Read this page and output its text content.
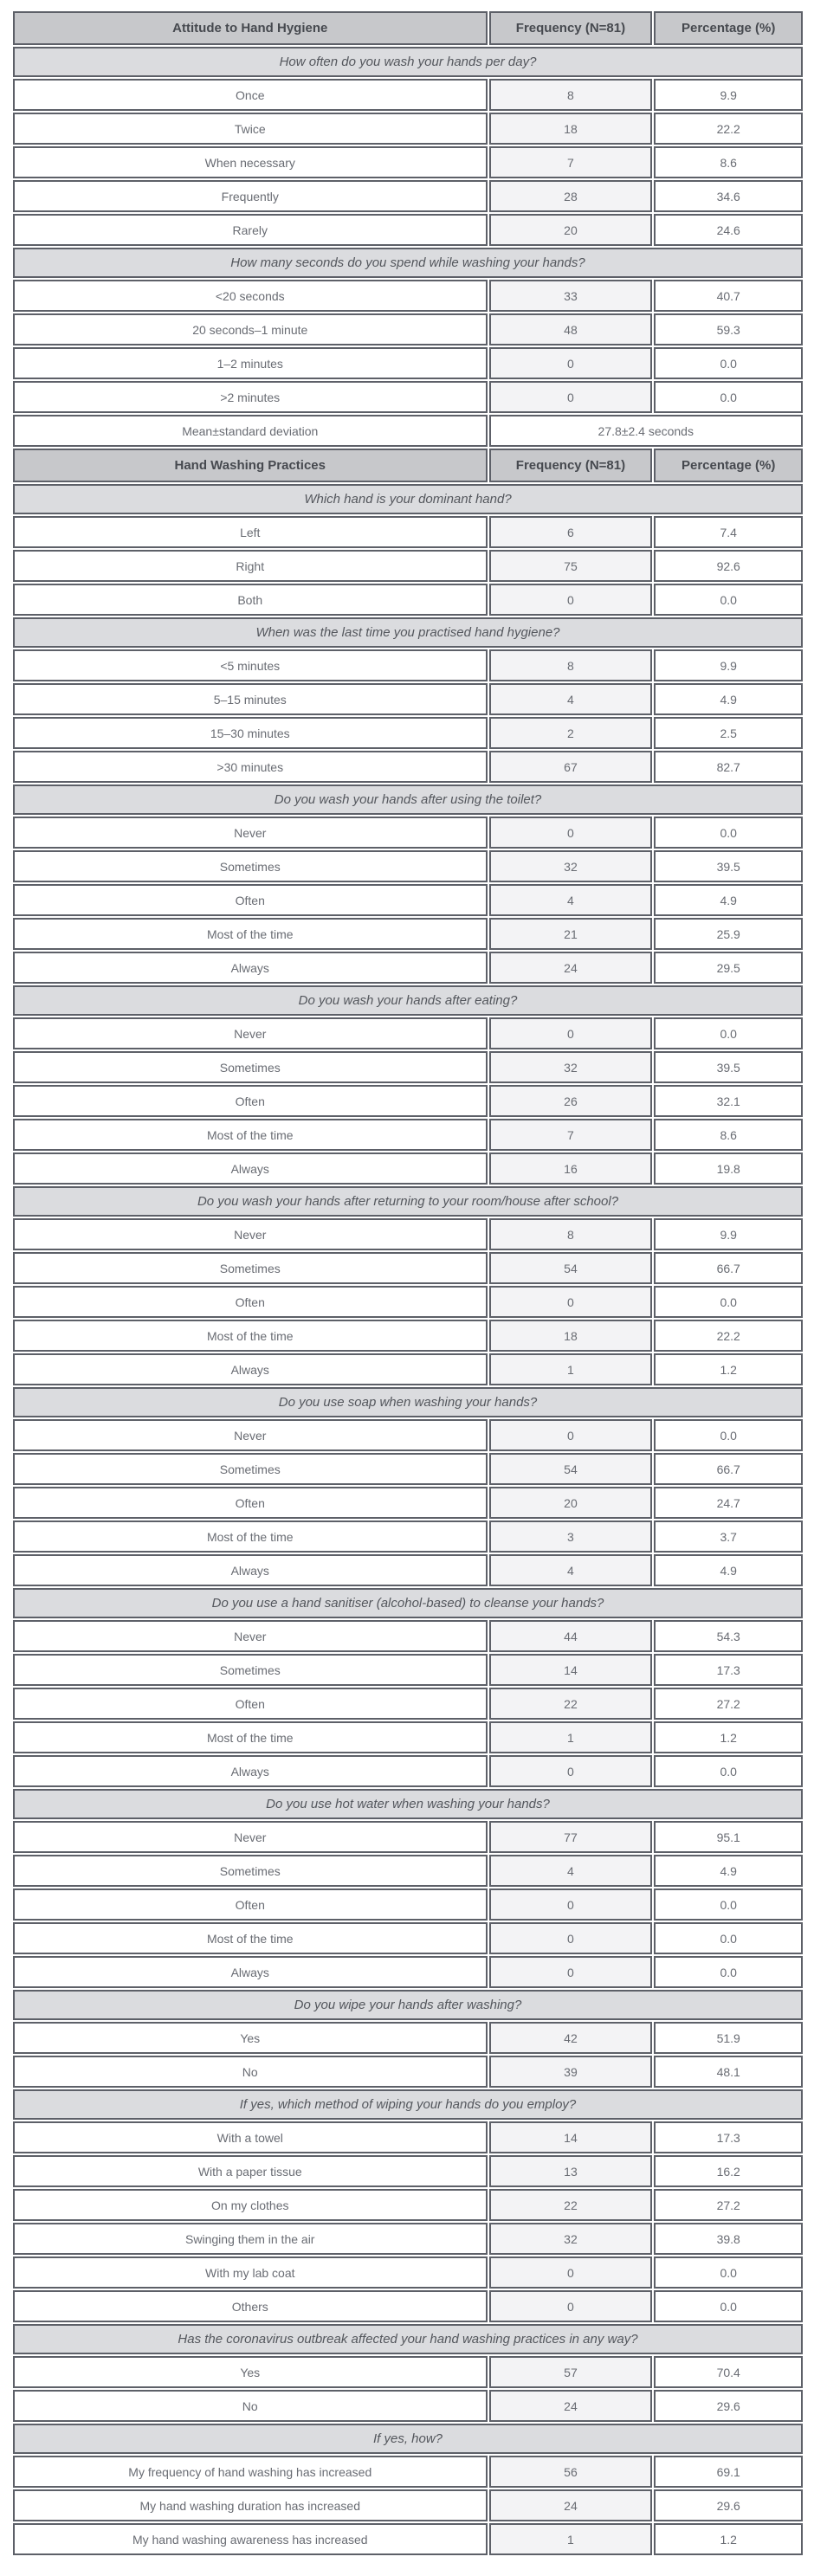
Attitude to Hand Hygiene	Frequency (N=81)	Percentage (%)
How often do you wash your hands per day?		
Once	8	9.9
Twice	18	22.2
When necessary	7	8.6
Frequently	28	34.6
Rarely	20	24.6
How many seconds do you spend while washing your hands?		
<20 seconds	33	40.7
20 seconds–1 minute	48	59.3
1–2 minutes	0	0.0
>2 minutes	0	0.0
Mean±standard deviation	27.8±2.4 seconds	
Hand Washing Practices	Frequency (N=81)	Percentage (%)
Which hand is your dominant hand?		
Left	6	7.4
Right	75	92.6
Both	0	0.0
When was the last time you practised hand hygiene?		
<5 minutes	8	9.9
5–15 minutes	4	4.9
15–30 minutes	2	2.5
>30 minutes	67	82.7
Do you wash your hands after using the toilet?		
Never	0	0.0
Sometimes	32	39.5
Often	4	4.9
Most of the time	21	25.9
Always	24	29.5
Do you wash your hands after eating?		
Never	0	0.0
Sometimes	32	39.5
Often	26	32.1
Most of the time	7	8.6
Always	16	19.8
Do you wash your hands after returning to your room/house after school?		
Never	8	9.9
Sometimes	54	66.7
Often	0	0.0
Most of the time	18	22.2
Always	1	1.2
Do you use soap when washing your hands?		
Never	0	0.0
Sometimes	54	66.7
Often	20	24.7
Most of the time	3	3.7
Always	4	4.9
Do you use a hand sanitiser (alcohol-based) to cleanse your hands?		
Never	44	54.3
Sometimes	14	17.3
Often	22	27.2
Most of the time	1	1.2
Always	0	0.0
Do you use hot water when washing your hands?		
Never	77	95.1
Sometimes	4	4.9
Often	0	0.0
Most of the time	0	0.0
Always	0	0.0
Do you wipe your hands after washing?		
Yes	42	51.9
No	39	48.1
If yes, which method of wiping your hands do you employ?		
With a towel	14	17.3
With a paper tissue	13	16.2
On my clothes	22	27.2
Swinging them in the air	32	39.8
With my lab coat	0	0.0
Others	0	0.0
Has the coronavirus outbreak affected your hand washing practices in any way?		
Yes	57	70.4
No	24	29.6
If yes, how?		
My frequency of hand washing has increased	56	69.1
My hand washing duration has increased	24	29.6
My hand washing awareness has increased	1	1.2
